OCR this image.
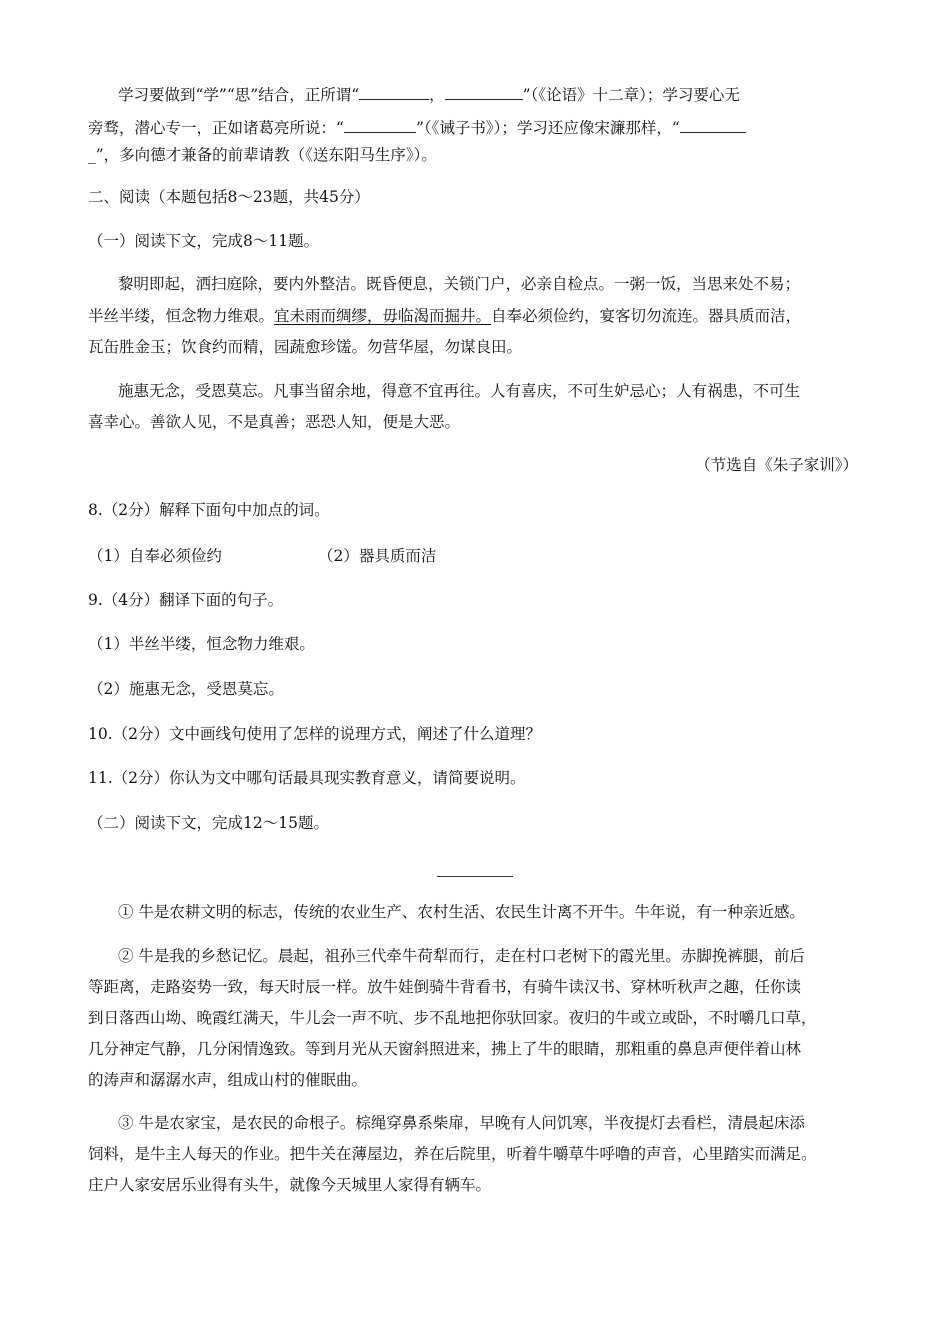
学习要做到“学”“思”结合，正所谓“	，	”（《论语》十二章）；学习要心无
旁骛，潜心专一，正如诸葛亮所说：“	”（《诫子书》）；学习还应像宋濂那样，“
_”，多向德才兼备的前辈请教（《送东阳马生序》）。
二、阅读（本题包括8～23题，共45分）
（一）阅读下文，完成8～11题。
黎明即起，洒扫庭除，要内外整洁。既昏便息，关锁门户，必亲自检点。一粥一饭，当思来处不易；
半丝半缕，恒念物力维艰。宜未雨而绸缪，毋临渴而掘井。自奉必须俭约，宴客切勿流连。器具质而洁，
瓦缶胜金玉；饮食约而精，园蔬愈珍馐。勿营华屋，勿谋良田。
施惠无念，受恩莫忘。凡事当留余地，得意不宜再往。人有喜庆，不可生妒忌心；人有祸患，不可生
喜幸心。善欲人见，不是真善；恶恐人知，便是大恶。
（节选自《朱子家训》）
8.（2分）解释下面句中加点的词。
（1）自奉必须俭约	（2）器具质而洁
9.（4分）翻译下面的句子。
（1）半丝半缕，恒念物力维艰。
（2）施惠无念，受恩莫忘。
10.（2分）文中画线句使用了怎样的说理方式，阐述了什么道理？
11.（2分）你认为文中哪句话最具现实教育意义，请简要说明。
（二）阅读下文，完成12～15题。
① 牛是农耕文明的标志，传统的农业生产、农村生活、农民生计离不开牛。牛年说，有一种亲近感。
② 牛是我的乡愁记忆。晨起，祖孙三代牵牛荷犁而行，走在村口老树下的霞光里。赤脚挽裤腿，前后
等距离，走路姿势一致，每天时辰一样。放牛娃倒骑牛背看书，有骑牛读汉书、穿林听秋声之趣，任你读
到日落西山坳、晚霞红满天，牛儿会一声不吭、步不乱地把你驮回家。夜归的牛或立或卧，不时嚼几口草，
几分神定气静，几分闲情逸致。等到月光从天窗斜照进来，拂上了牛的眼睛，那粗重的鼻息声便伴着山林
的涛声和潺潺水声，组成山村的催眠曲。
③ 牛是农家宝，是农民的命根子。棕绳穿鼻系柴扉，早晚有人问饥寒，半夜提灯去看栏，清晨起床添
饲料，是牛主人每天的作业。把牛关在薄屋边，养在后院里，听着牛嚼草牛呼噜的声音，心里踏实而满足。
庄户人家安居乐业得有头牛，就像今天城里人家得有辆车。
